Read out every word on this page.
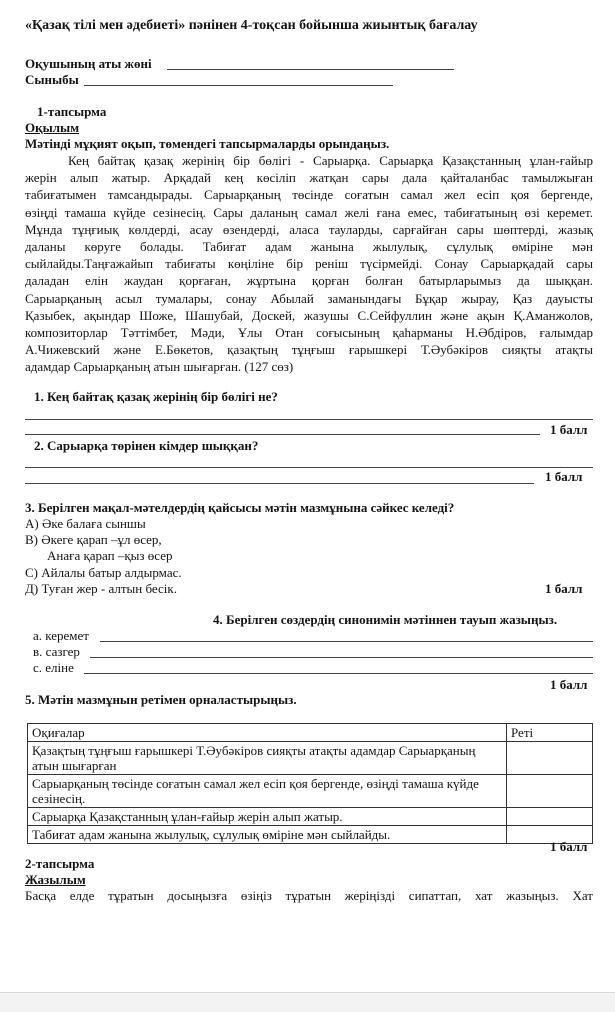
«Қазақ тілі мен әдебиеті» пәнінен 4-тоқсан бойынша жиынтық бағалау
Оқушының аты жөні
Сыныбы
1-тапсырма
Оқылым
Мәтінді мұқият оқып, төмендегі тапсырмаларды орындаңыз.
Кең байтақ қазақ жерінің бір бөлігі - Сарыарқа. Сарыарқа Қазақстанның ұлан-ғайыр
жерін алып жатыр. Арқадай кең көсіліп жатқан сары дала қайталанбас тамылжыған
табиғатымен тамсандырады. Сарыарқаның төсінде соғатын самал жел есіп қоя бергенде,
өзіңді тамаша күйде сезінесің. Сары даланың самал желі ғана емес, табиғатының өзі керемет.
Мұнда тұңғиық көлдерді, асау өзендерді, аласа тауларды, сарғайған сары шөптерді, жазық
даланы көруге болады. Табиғат адам жанына жылулық, сұлулық өміріне мән
сыйлайды.Таңғажайып табиғаты көңіліне бір реніш түсірмейді. Сонау Сарыарқадай сары
даладан елін жаудан қорғаған, жұртына қорған болған батырларымыз да шыққан.
Сарыарқаның асыл тумалары, сонау Абылай заманындағы Бұқар жырау, Қаз дауысты
Қазыбек, ақындар Шоже, Шашубай, Доскей, жазушы С.Сейфуллин және ақын Қ.Аманжолов,
композиторлар Тәттімбет, Мәди, Ұлы Отан соғысының қаһарманы Н.Әбдіров, ғалымдар
А.Чижевский және Е.Бөкетов, қазақтың тұңғыш ғарышкері Т.Әубәкіров сияқты атақты
адамдар Сарыарқаның атын шығарған. (127 сөз)
1. Кең байтақ қазақ жерінің бір бөлігі не?
1 балл
2. Сарыарқа төрінен кімдер шыққан?
1 балл
3. Берілген мақал-мәтелдердің қайсысы мәтін мазмұнына сәйкес келеді?
А) Әке балаға сыншы
В) Әкеге қарап –ұл өсер,
Анаға қарап –қыз өсер
С) Айлалы батыр алдырмас.
Д) Туған жер - алтын бесік.	1 балл
4. Берілген сөздердің синонимін мәтіннен тауып жазыңыз.
а. керемет
в. сазгер
с. еліне
1 балл
5. Мәтін мазмұнын ретімен орналастырыңыз.
Оқиғалар	Реті
Қазақтың тұңғыш ғарышкері Т.Әубәкіров сияқты атақты адамдар Сарыарқаның атын шығарған	
Сарыарқаның төсінде соғатын самал жел есіп қоя бергенде, өзіңді тамаша күйде сезінесің.	
Сарыарқа Қазақстанның ұлан-ғайыр жерін алып жатыр.	
Табиғат адам жанына жылулық, сұлулық өміріне мән сыйлайды.	
1 балл
2-тапсырма
Жазылым
Басқа елде тұратын досыңызға өзіңіз тұратын жеріңізді сипаттап, хат жазыңыз. Хат
